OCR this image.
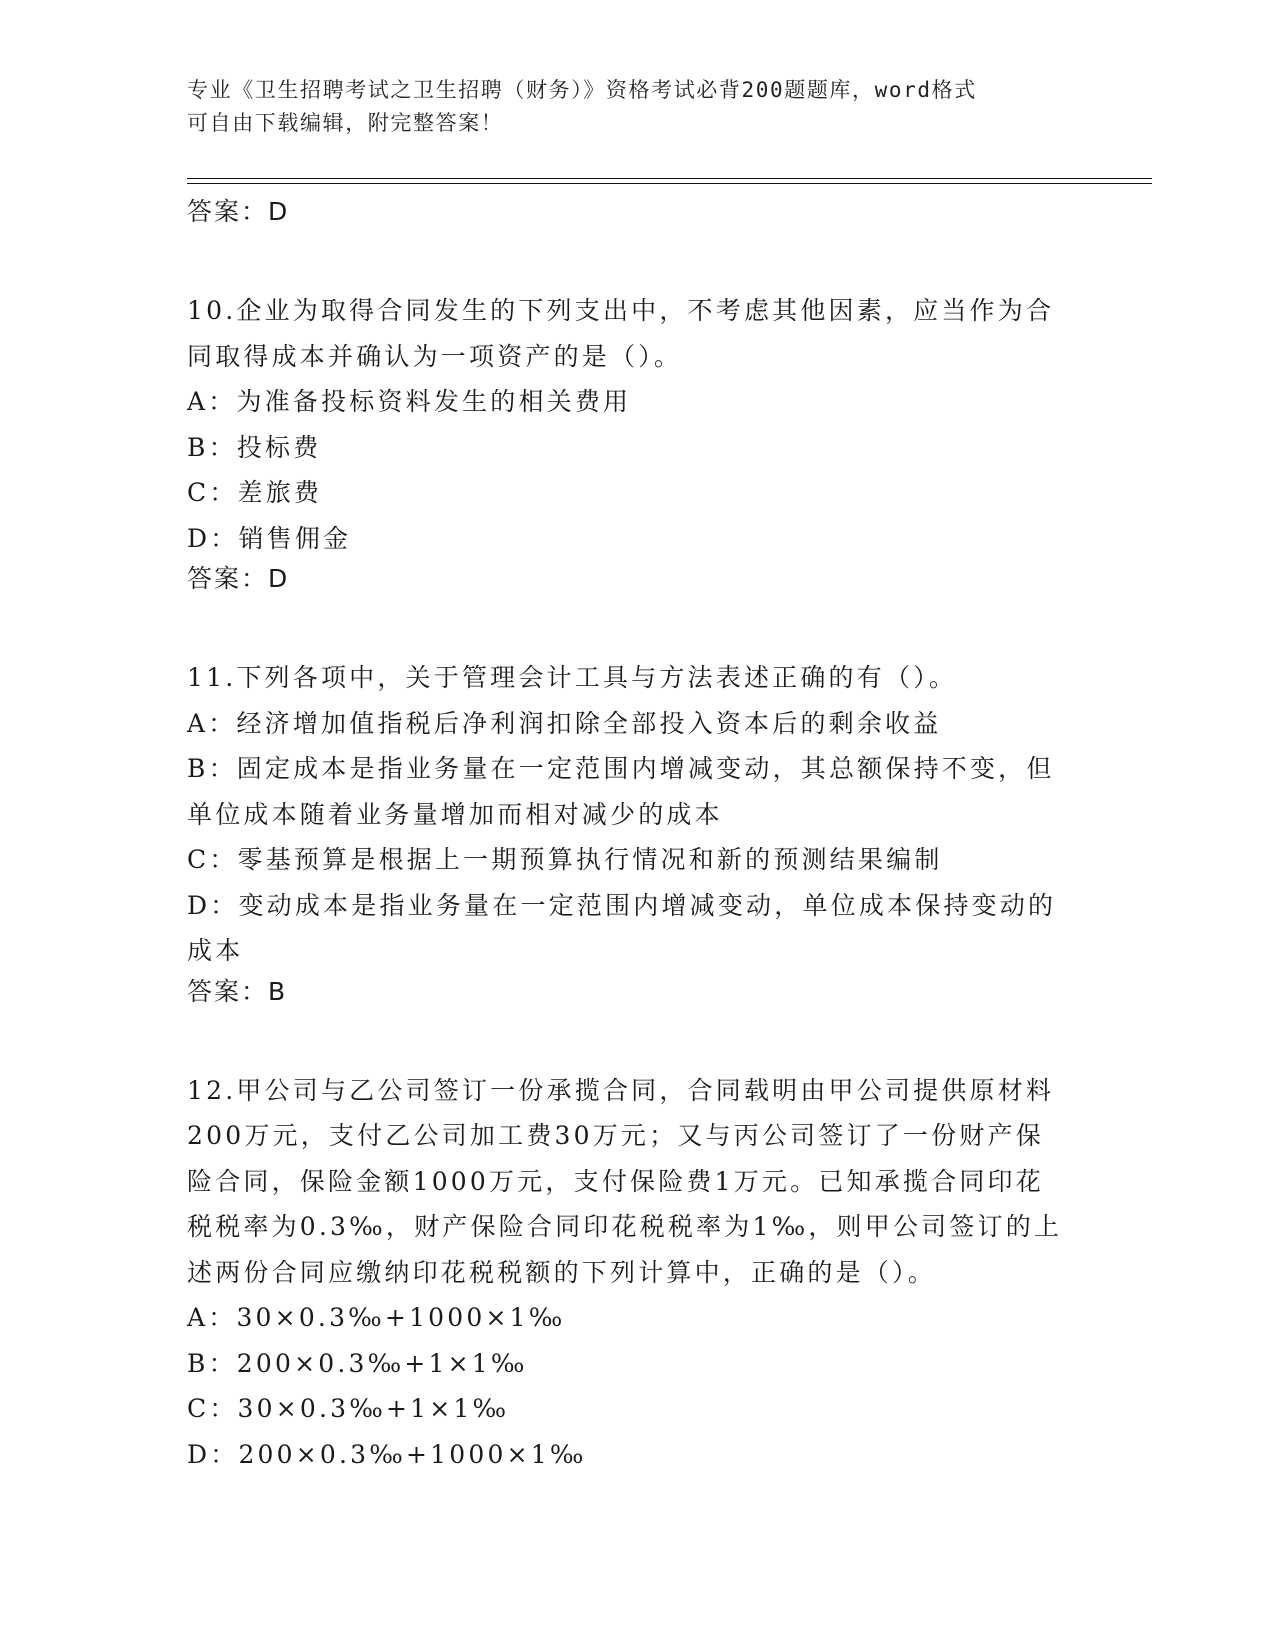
专业《卫生招聘考试之卫生招聘（财务）》资格考试必背200题题库，word格式
可自由下载编辑，附完整答案！
答案：D
10.企业为取得合同发生的下列支出中，不考虑其他因素，应当作为合
同取得成本并确认为一项资产的是（）。
A：为准备投标资料发生的相关费用
B：投标费
C：差旅费
D：销售佣金
答案：D
11.下列各项中，关于管理会计工具与方法表述正确的有（）。
A：经济增加值指税后净利润扣除全部投入资本后的剩余收益
B：固定成本是指业务量在一定范围内增减变动，其总额保持不变，但
单位成本随着业务量增加而相对减少的成本
C：零基预算是根据上一期预算执行情况和新的预测结果编制
D：变动成本是指业务量在一定范围内增减变动，单位成本保持变动的
成本
答案：B
12.甲公司与乙公司签订一份承揽合同，合同载明由甲公司提供原材料
200万元，支付乙公司加工费30万元；又与丙公司签订了一份财产保
险合同，保险金额1000万元，支付保险费1万元。已知承揽合同印花
税税率为0.3‰，财产保险合同印花税税率为1‰，则甲公司签订的上
述两份合同应缴纳印花税税额的下列计算中，正确的是（）。
A：30×0.3‰+1000×1‰
B：200×0.3‰+1×1‰
C：30×0.3‰+1×1‰
D：200×0.3‰+1000×1‰
